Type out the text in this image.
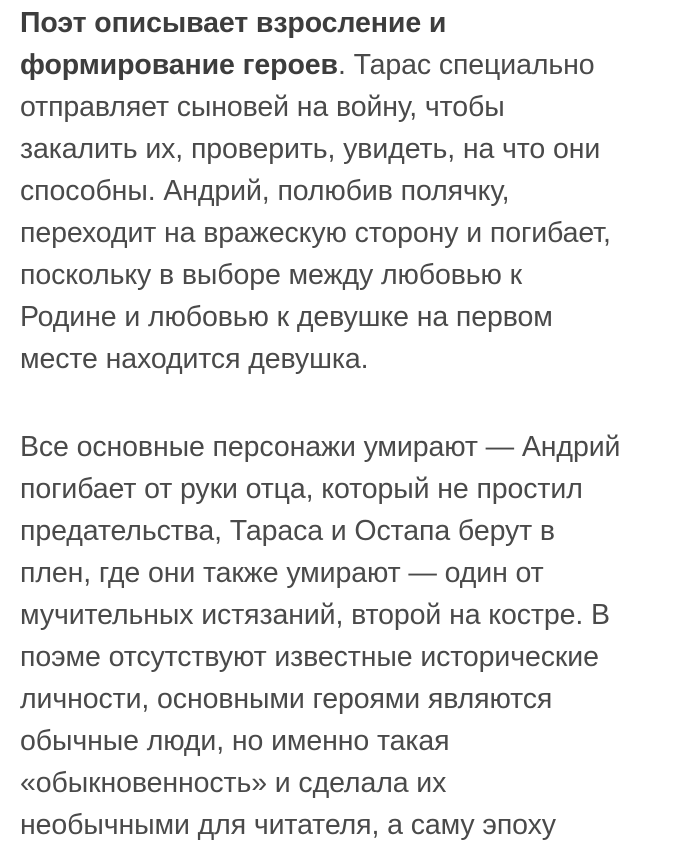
Поэт описывает взросление и
формирование героев. Тарас специально
отправляет сыновей на войну, чтобы
закалить их, проверить, увидеть, на что они
способны. Андрий, полюбив полячку,
переходит на вражескую сторону и погибает,
поскольку в выборе между любовью к
Родине и любовью к девушке на первом
месте находится девушка.

Все основные персонажи умирают — Андрий
погибает от руки отца, который не простил
предательства, Тараса и Остапа берут в
плен, где они также умирают — один от
мучительных истязаний, второй на костре. В
поэме отсутствуют известные исторические
личности, основными героями являются
обычные люди, но именно такая
«обыкновенность» и сделала их
необычными для читателя, а саму эпоху
